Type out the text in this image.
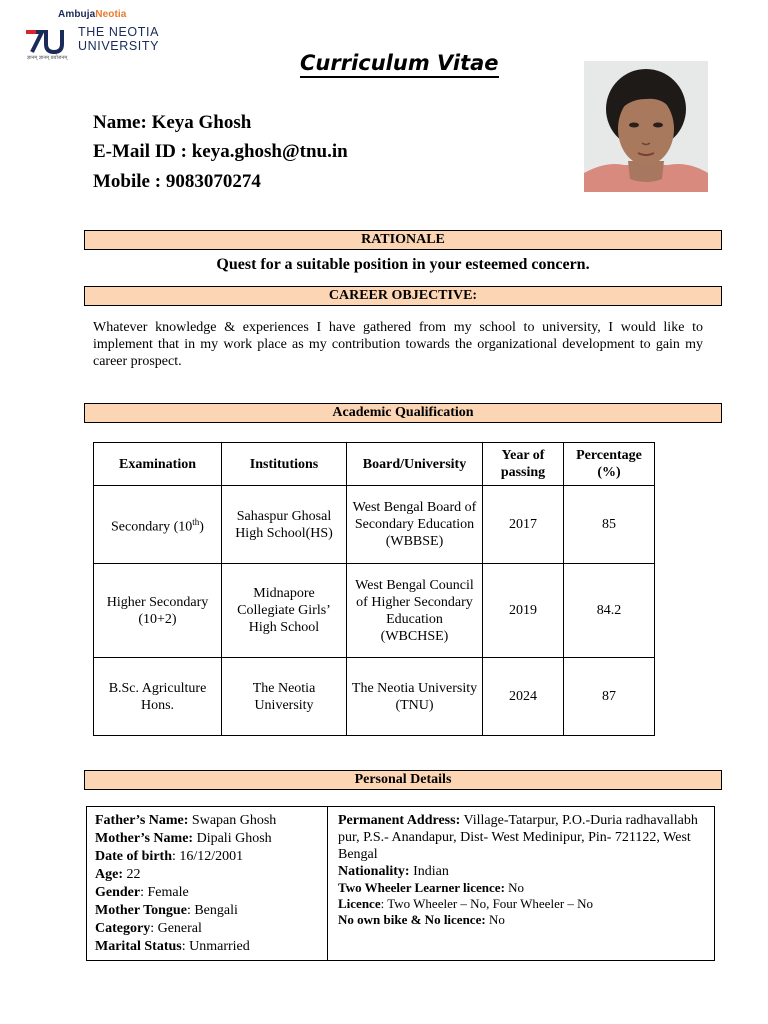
AmbujaNeotia
THE NEOTIA
UNIVERSITY
ज्ञानम् ज्ञानम् प्रयोजनम्	Curriculum Vitae
Name: Keya Ghosh
E-Mail ID : keya.ghosh@tnu.in
Mobile : 9083070274
RATIONALE
Quest for a suitable position in your esteemed concern.
CAREER OBJECTIVE:
Whatever knowledge & experiences I have gathered from my school to university, I would like to implement that in my work place as my contribution towards the organizational development to gain my career prospect.
Academic Qualification
Examination	Institutions	Board/University	Year of passing	Percentage (%)
Secondary (10th)	Sahaspur Ghosal High School(HS)	West Bengal Board of Secondary Education (WBBSE)	2017	85
Higher Secondary (10+2)	Midnapore Collegiate Girls’ High School	West Bengal Council of Higher Secondary Education (WBCHSE)	2019	84.2
B.Sc. Agriculture Hons.	The Neotia University	The Neotia University (TNU)	2024	87
Personal Details
Father’s Name: Swapan Ghosh
Mother’s Name: Dipali Ghosh
Date of birth: 16/12/2001
Age: 22
Gender: Female
Mother Tongue: Bengali
Category: General
Marital Status: Unmarried
Permanent Address: Village-Tatarpur, P.O.-Duria radhavallabh pur, P.S.- Anandapur, Dist- West Medinipur, Pin- 721122, West Bengal
Nationality: Indian
Two Wheeler Learner licence: No
Licence: Two Wheeler – No, Four Wheeler – No
No own bike & No licence: No
